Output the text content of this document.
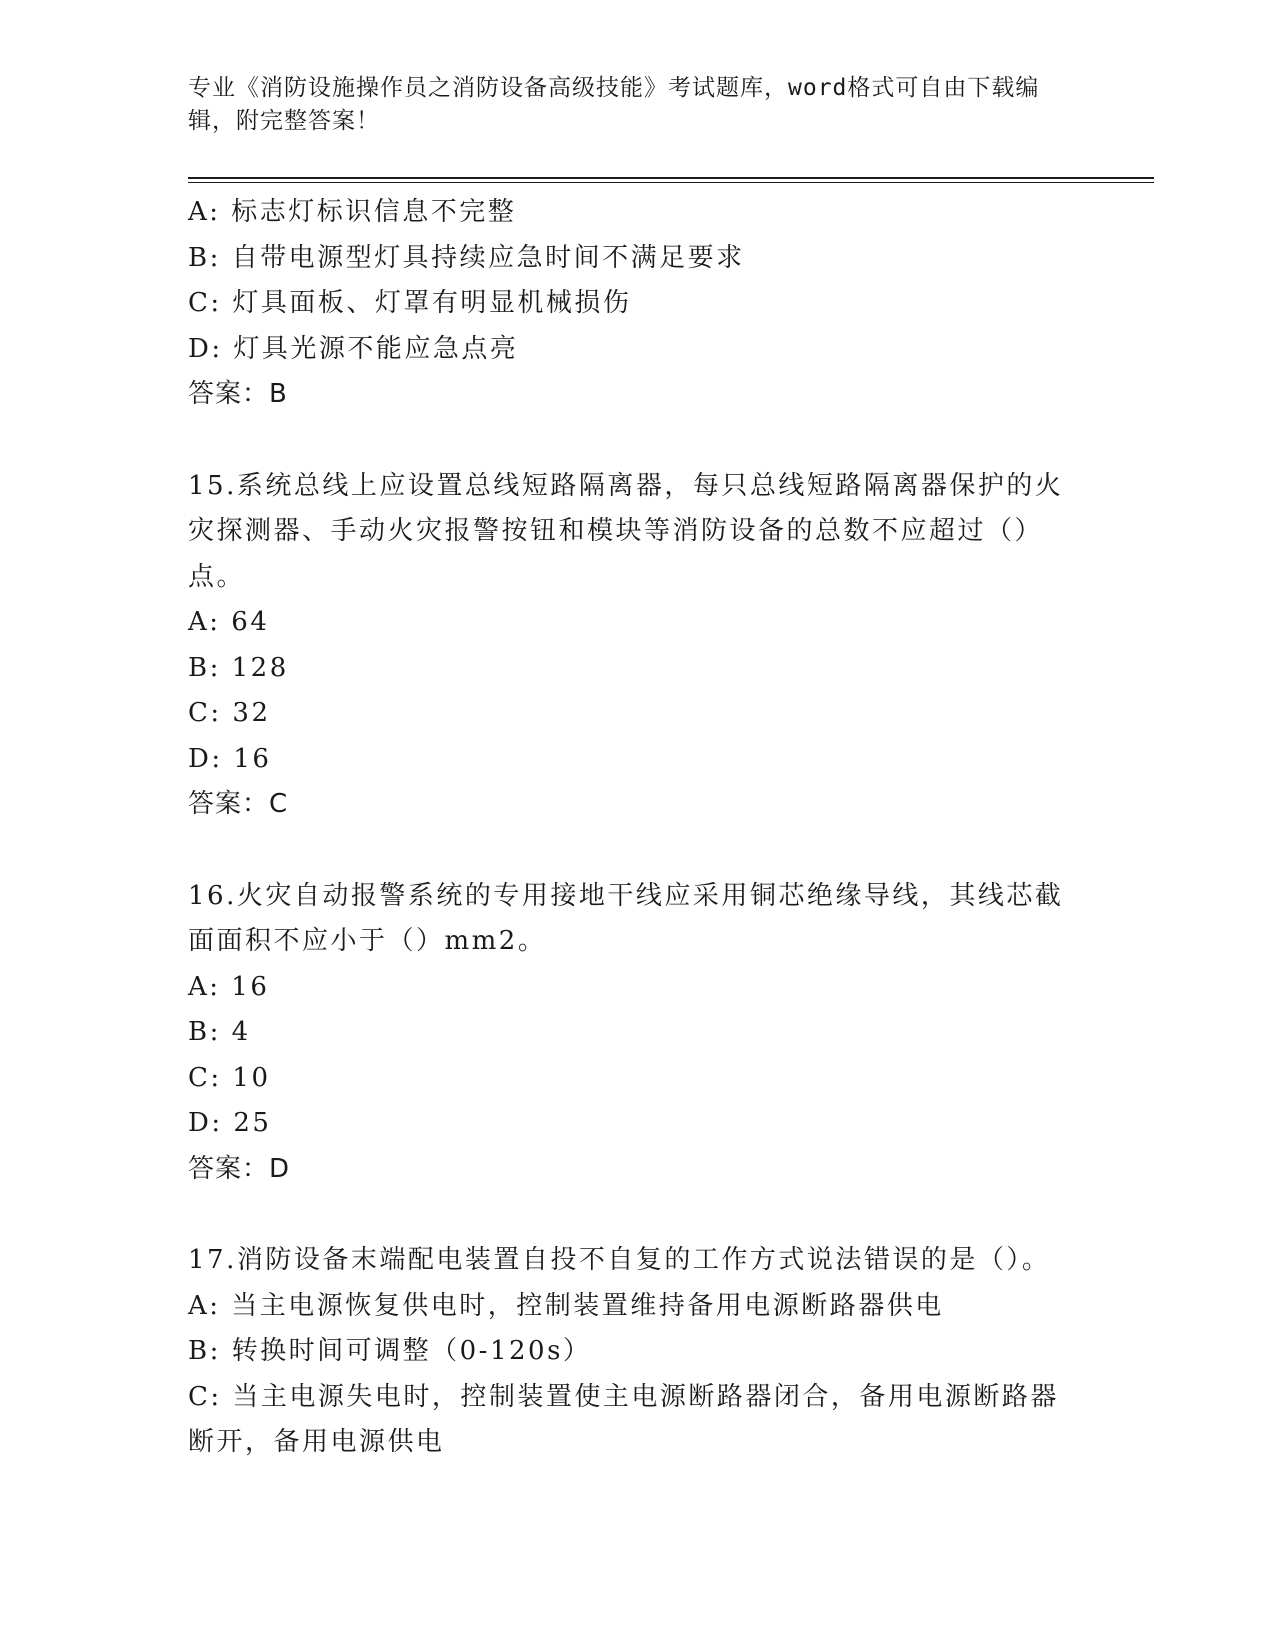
专业《消防设施操作员之消防设备高级技能》考试题库，word格式可自由下载编辑，附完整答案！

A: 标志灯标识信息不完整

B: 自带电源型灯具持续应急时间不满足要求

C: 灯具面板、灯罩有明显机械损伤

D: 灯具光源不能应急点亮

答案：B

15.系统总线上应设置总线短路隔离器，每只总线短路隔离器保护的火灾探测器、手动火灾报警按钮和模块等消防设备的总数不应超过（）点。

A: 64

B: 128

C: 32

D: 16

答案：C

16.火灾自动报警系统的专用接地干线应采用铜芯绝缘导线，其线芯截面面积不应小于（）mm2。

A: 16

B: 4

C: 10

D: 25

答案：D

17.消防设备末端配电装置自投不自复的工作方式说法错误的是（）。

A: 当主电源恢复供电时，控制装置维持备用电源断路器供电

B: 转换时间可调整（0-120s）

C: 当主电源失电时，控制装置使主电源断路器闭合，备用电源断路器断开，备用电源供电
